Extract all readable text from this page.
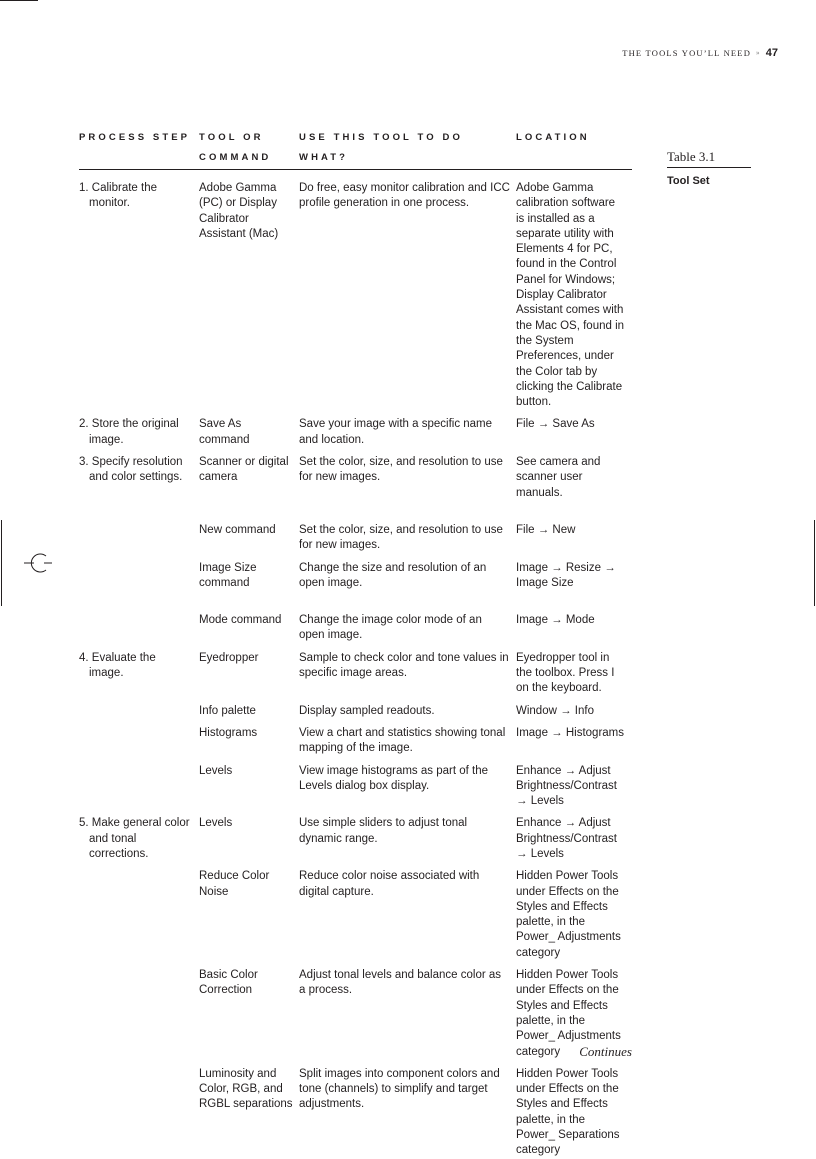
THE TOOLS YOU’LL NEED » 47
PROCESS STEP	TOOL OR COMMAND	USE THIS TOOL TO DO WHAT?	LOCATION
1. Calibrate the monitor.	Adobe Gamma (PC) or Display Calibrator Assistant (Mac)	Do free, easy monitor calibration and ICC profile generation in one process.	Adobe Gamma calibration software is installed as a separate utility with Elements 4 for PC, found in the Control Panel for Windows; Display Calibrator Assistant comes with the Mac OS, found in the System Preferences, under the Color tab by clicking the Calibrate button.
2. Store the original image.	Save As command	Save your image with a specific name and location.	File → Save As
3. Specify resolution and color settings.	Scanner or digital camera	Set the color, size, and resolution to use for new images.	See camera and scanner user manuals.
	New command	Set the color, size, and resolution to use for new images.	File → New
	Image Size command	Change the size and resolution of an open image.	Image → Resize → Image Size
	Mode command	Change the image color mode of an open image.	Image → Mode
4. Evaluate the image.	Eyedropper	Sample to check color and tone values in specific image areas.	Eyedropper tool in the toolbox. Press I on the keyboard.
	Info palette	Display sampled readouts.	Window → Info
	Histograms	View a chart and statistics showing tonal mapping of the image.	Image → Histograms
	Levels	View image histograms as part of the Levels dialog box display.	Enhance → Adjust Brightness/Contrast → Levels
5. Make general color and tonal corrections.	Levels	Use simple sliders to adjust tonal dynamic range.	Enhance → Adjust Brightness/Contrast → Levels
	Reduce Color Noise	Reduce color noise associated with digital capture.	Hidden Power Tools under Effects on the Styles and Effects palette, in the Power_ Adjustments category
	Basic Color Correction	Adjust tonal levels and balance color as a process.	Hidden Power Tools under Effects on the Styles and Effects palette, in the Power_ Adjustments category
	Luminosity and Color, RGB, and RGBL separations	Split images into component colors and tone (channels) to simplify and target adjustments.	Hidden Power Tools under Effects on the Styles and Effects palette, in the Power_ Separations category
Table 3.1
Tool Set
Continues
